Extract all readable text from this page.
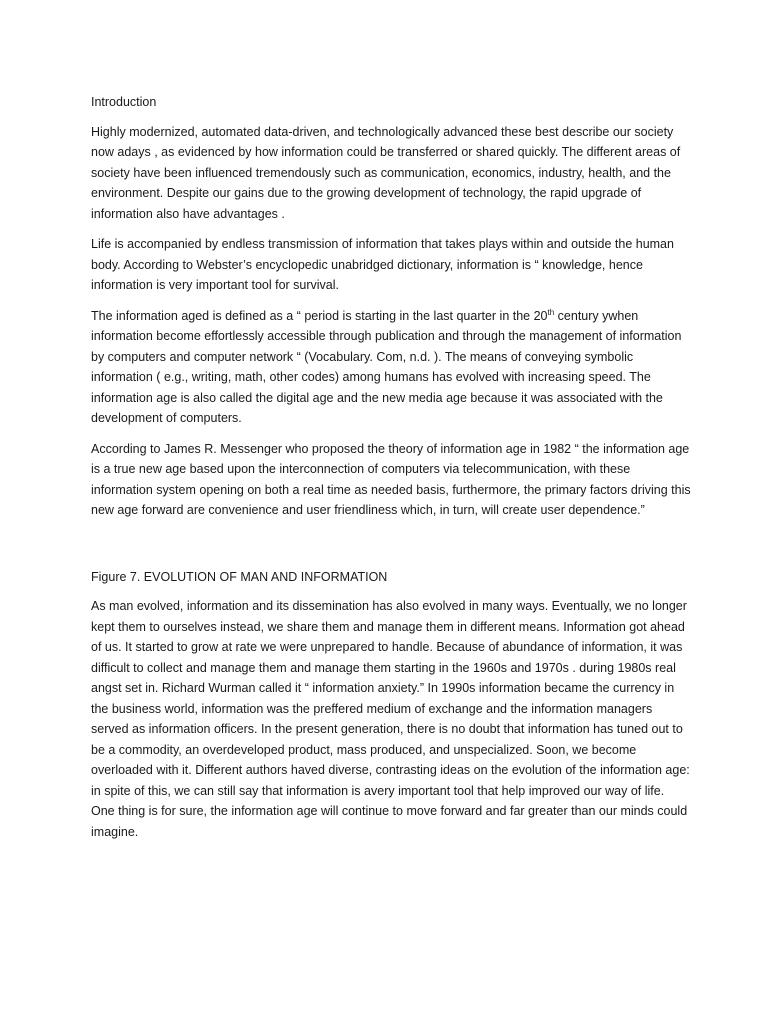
Introduction

Highly modernized, automated data-driven, and technologically advanced these best describe our society now adays , as evidenced by how information could be transferred or shared quickly. The different areas of society have been influenced tremendously such as communication, economics, industry, health, and the environment. Despite our gains due to the growing development of technology, the rapid upgrade of information also have advantages .

Life is accompanied by endless transmission of information that takes plays within and outside the human body. According to Webster’s encyclopedic unabridged dictionary, information is “ knowledge, hence information is very important tool for survival.

The information aged is defined as a “ period is starting in the last quarter in the 20th century ywhen information become effortlessly accessible through publication and through the management of information by computers and computer network “ (Vocabulary. Com, n.d. ). The means of conveying symbolic information ( e.g., writing, math, other codes) among humans has evolved with increasing speed. The information age is also called the digital age and the new media age because it was associated with the development of computers.

According to James R. Messenger who proposed the theory of information age in 1982 “ the information age is a true new age based upon the interconnection of computers via telecommunication, with these information system opening on both a real time as needed basis, furthermore, the primary factors driving this new age forward are convenience and user friendliness which, in turn, will create user dependence.”

Figure 7. EVOLUTION OF MAN AND INFORMATION

As man evolved, information and its dissemination has also evolved in many ways. Eventually, we no longer kept them to ourselves instead, we share them and manage them in different means. Information got ahead of us. It started to grow at rate we were unprepared to handle. Because of abundance of information, it was difficult to collect and manage them and manage them starting in the 1960s and 1970s . during 1980s real angst set in. Richard Wurman called it “ information anxiety.” In 1990s information became the currency in the business world, information was the preffered medium of exchange and the information managers served as information officers. In the present generation, there is no doubt that information has tuned out to be a commodity, an overdeveloped product, mass produced, and unspecialized. Soon, we become overloaded with it. Different authors haved diverse, contrasting ideas on the evolution of the information age: in spite of this, we can still say that information is avery important tool that help improved our way of life. One thing is for sure, the information age will continue to move forward and far greater than our minds could imagine.
